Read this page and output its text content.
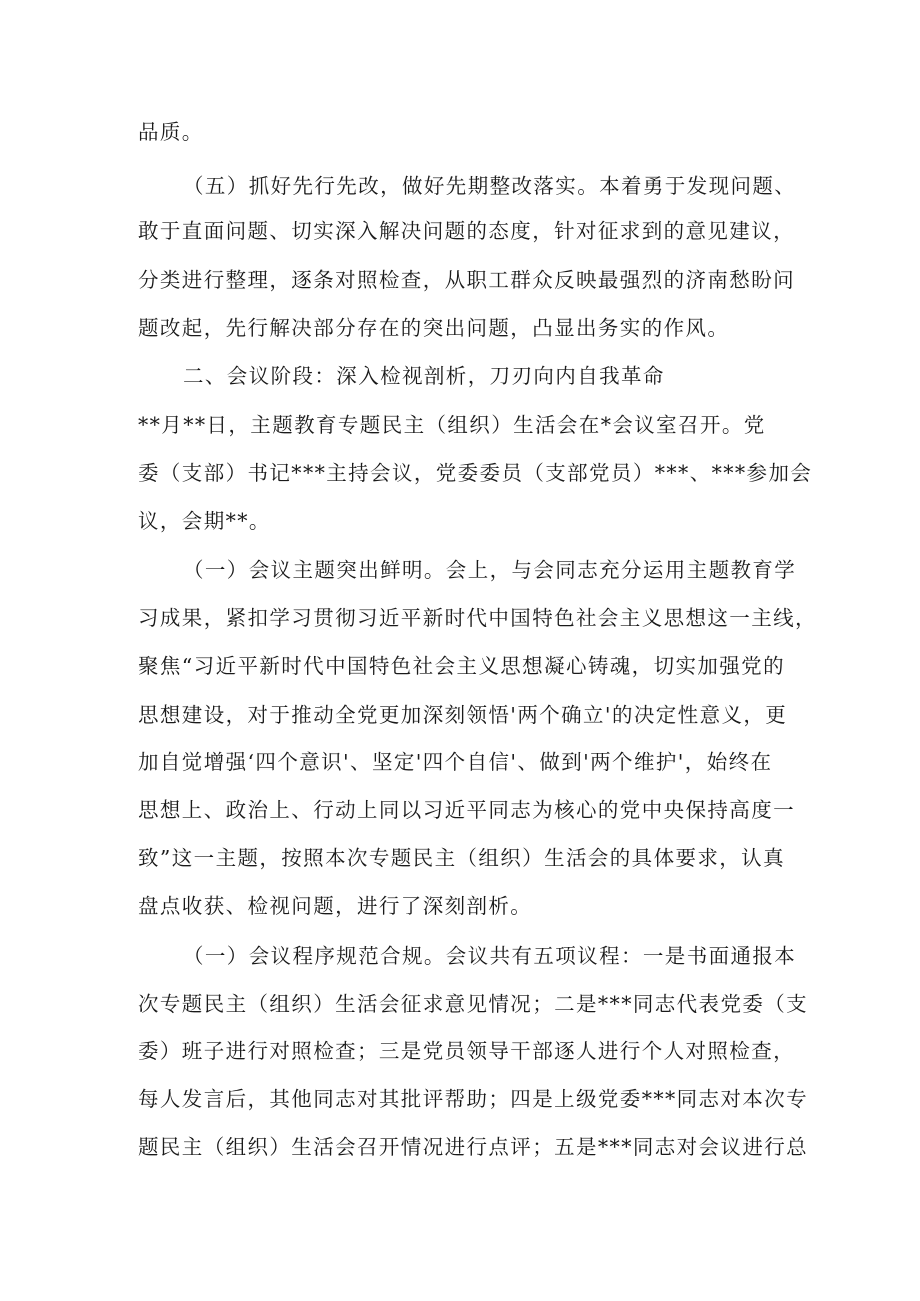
品质。
（五）抓好先行先改，做好先期整改落实。本着勇于发现问题、
敢于直面问题、切实深入解决问题的态度，针对征求到的意见建议，
分类进行整理，逐条对照检查，从职工群众反映最强烈的济南愁盼问
题改起，先行解决部分存在的突出问题，凸显出务实的作风。
二、会议阶段：深入检视剖析，刀刃向内自我革命
**月**日，主题教育专题民主（组织）生活会在*会议室召开。党
委（支部）书记***主持会议，党委委员（支部党员）***、***参加会
议，会期**。
（一）会议主题突出鲜明。会上，与会同志充分运用主题教育学
习成果，紧扣学习贯彻习近平新时代中国特色社会主义思想这一主线，
聚焦“习近平新时代中国特色社会主义思想凝心铸魂，切实加强党的
思想建设，对于推动全党更加深刻领悟'两个确立'的决定性意义，更
加自觉增强‘四个意识'、坚定'四个自信'、做到'两个维护'，始终在
思想上、政治上、行动上同以习近平同志为核心的党中央保持高度一
致”这一主题，按照本次专题民主（组织）生活会的具体要求，认真
盘点收获、检视问题，进行了深刻剖析。
（一）会议程序规范合规。会议共有五项议程：一是书面通报本
次专题民主（组织）生活会征求意见情况；二是***同志代表党委（支
委）班子进行对照检查；三是党员领导干部逐人进行个人对照检查，
每人发言后，其他同志对其批评帮助；四是上级党委***同志对本次专
题民主（组织）生活会召开情况进行点评；五是***同志对会议进行总
